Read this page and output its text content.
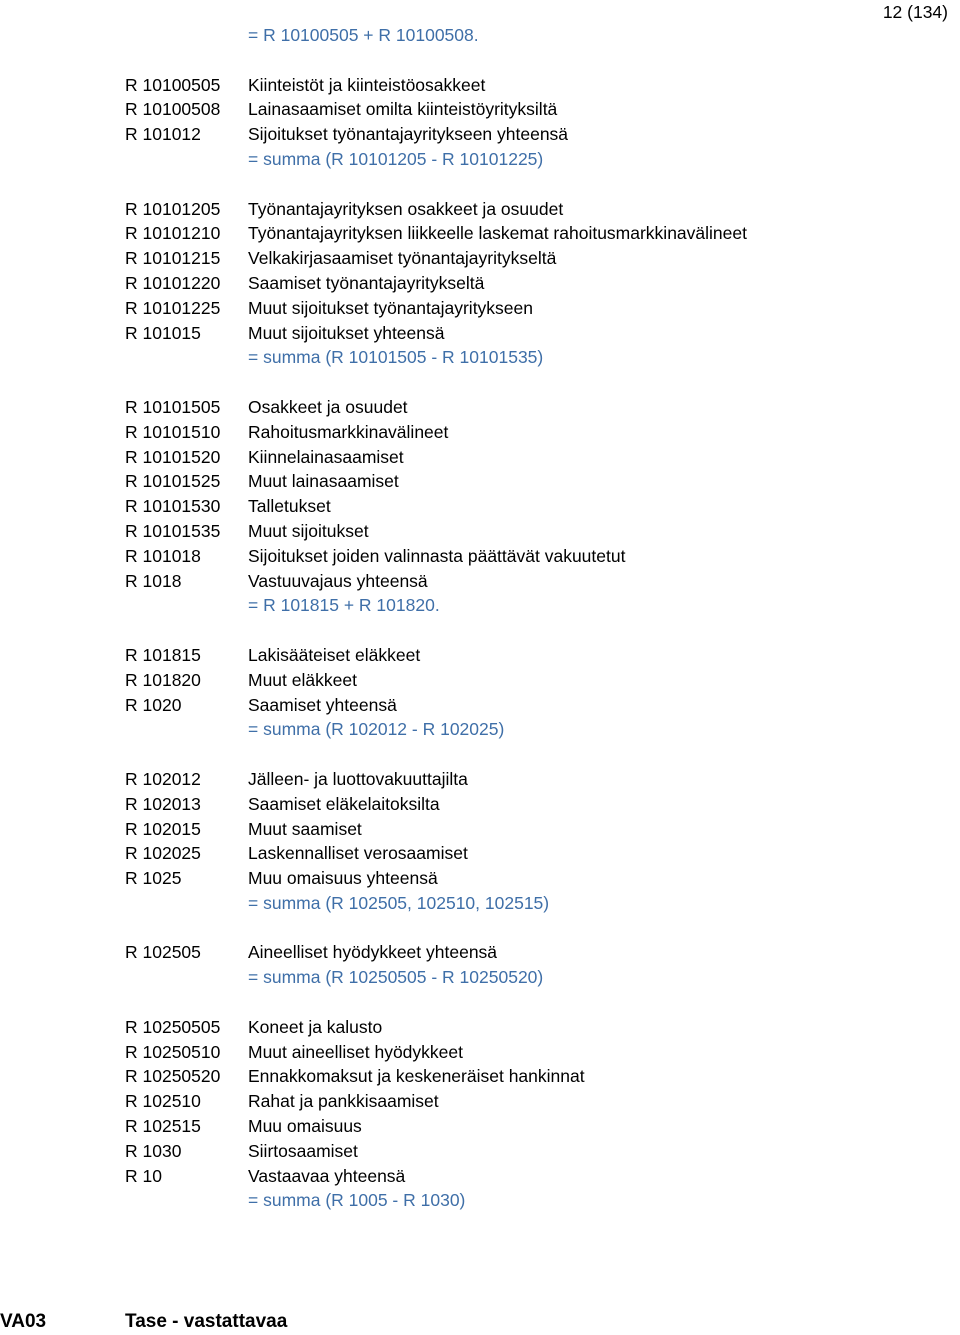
12 (134)
= R 10100505 + R 10100508.
R 10100505 Kiinteistöt ja kiinteistöosakkeet
R 10100508 Lainasaamiset omilta kiinteistöyrityksiltä
R 101012	Sijoitukset työnantajayritykseen yhteensä
= summa (R 10101205 - R 10101225)
R 10101205 Työnantajayrityksen osakkeet ja osuudet
R 10101210 Työnantajayrityksen liikkeelle laskemat rahoitusmarkkinavälineet
R 10101215 Velkakirjasaamiset työnantajayritykseltä
R 10101220 Saamiset työnantajayritykseltä
R 10101225 Muut sijoitukset työnantajayritykseen
R 101015	Muut sijoitukset yhteensä
= summa (R 10101505 - R 10101535)
R 10101505 Osakkeet ja osuudet
R 10101510 Rahoitusmarkkinavälineet
R 10101520 Kiinnelainasaamiset
R 10101525 Muut lainasaamiset
R 10101530 Talletukset
R 10101535 Muut sijoitukset
R 101018	Sijoitukset joiden valinnasta päättävät vakuutetut
R 1018	Vastuuvajaus yhteensä
= R 101815 + R 101820.
R 101815	Lakisääteiset eläkkeet
R 101820	Muut eläkkeet
R 1020	Saamiset yhteensä
= summa (R 102012 - R 102025)
R 102012	Jälleen- ja luottovakuuttajilta
R 102013	Saamiset eläkelaitoksilta
R 102015	Muut saamiset
R 102025	Laskennalliset verosaamiset
R 1025	Muu omaisuus yhteensä
= summa (R 102505, 102510, 102515)
R 102505	Aineelliset hyödykkeet yhteensä
= summa (R 10250505 - R 10250520)
R 10250505 Koneet ja kalusto
R 10250510 Muut aineelliset hyödykkeet
R 10250520 Ennakkomaksut ja keskeneräiset hankinnat
R 102510	Rahat ja pankkisaamiset
R 102515	Muu omaisuus
R 1030	Siirtosaamiset
R 10	Vastaavaa yhteensä
= summa (R 1005 - R 1030)
VA03	Tase - vastattavaa
